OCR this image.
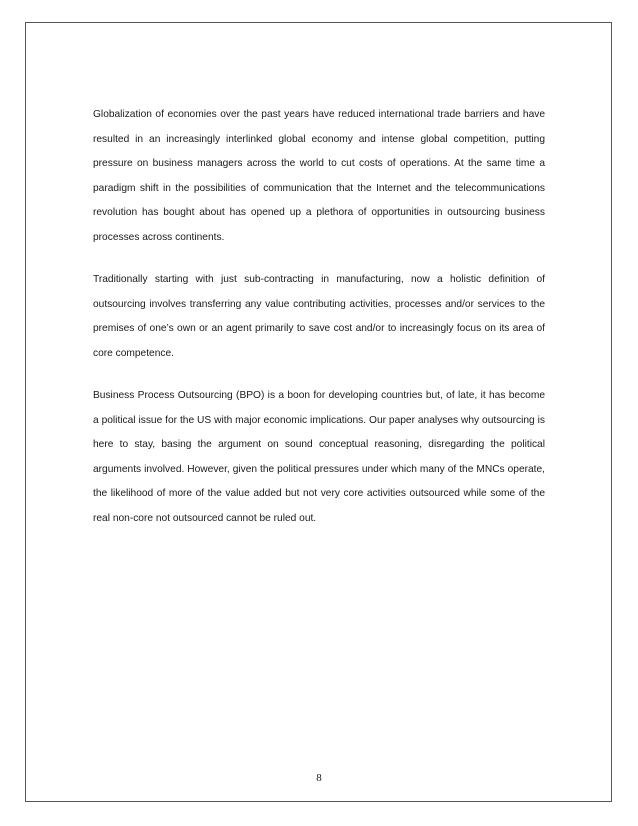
Globalization of economies over the past years have reduced international trade barriers and have resulted in an increasingly interlinked global economy and intense global competition, putting pressure on business managers across the world to cut costs of operations. At the same time a paradigm shift in the possibilities of communication that the Internet and the telecommunications revolution has bought about has opened up a plethora of opportunities in outsourcing business processes across continents.

Traditionally starting with just sub-contracting in manufacturing, now a holistic definition of outsourcing involves transferring any value contributing activities, processes and/or services to the premises of one’s own or an agent primarily to save cost and/or to increasingly focus on its area of core competence.

Business Process Outsourcing (BPO) is a boon for developing countries but, of late, it has become a political issue for the US with major economic implications. Our paper analyses why outsourcing is here to stay, basing the argument on sound conceptual reasoning, disregarding the political arguments involved. However, given the political pressures under which many of the MNCs operate, the likelihood of more of the value added but not very core activities outsourced while some of the real non-core not outsourced cannot be ruled out.

8
